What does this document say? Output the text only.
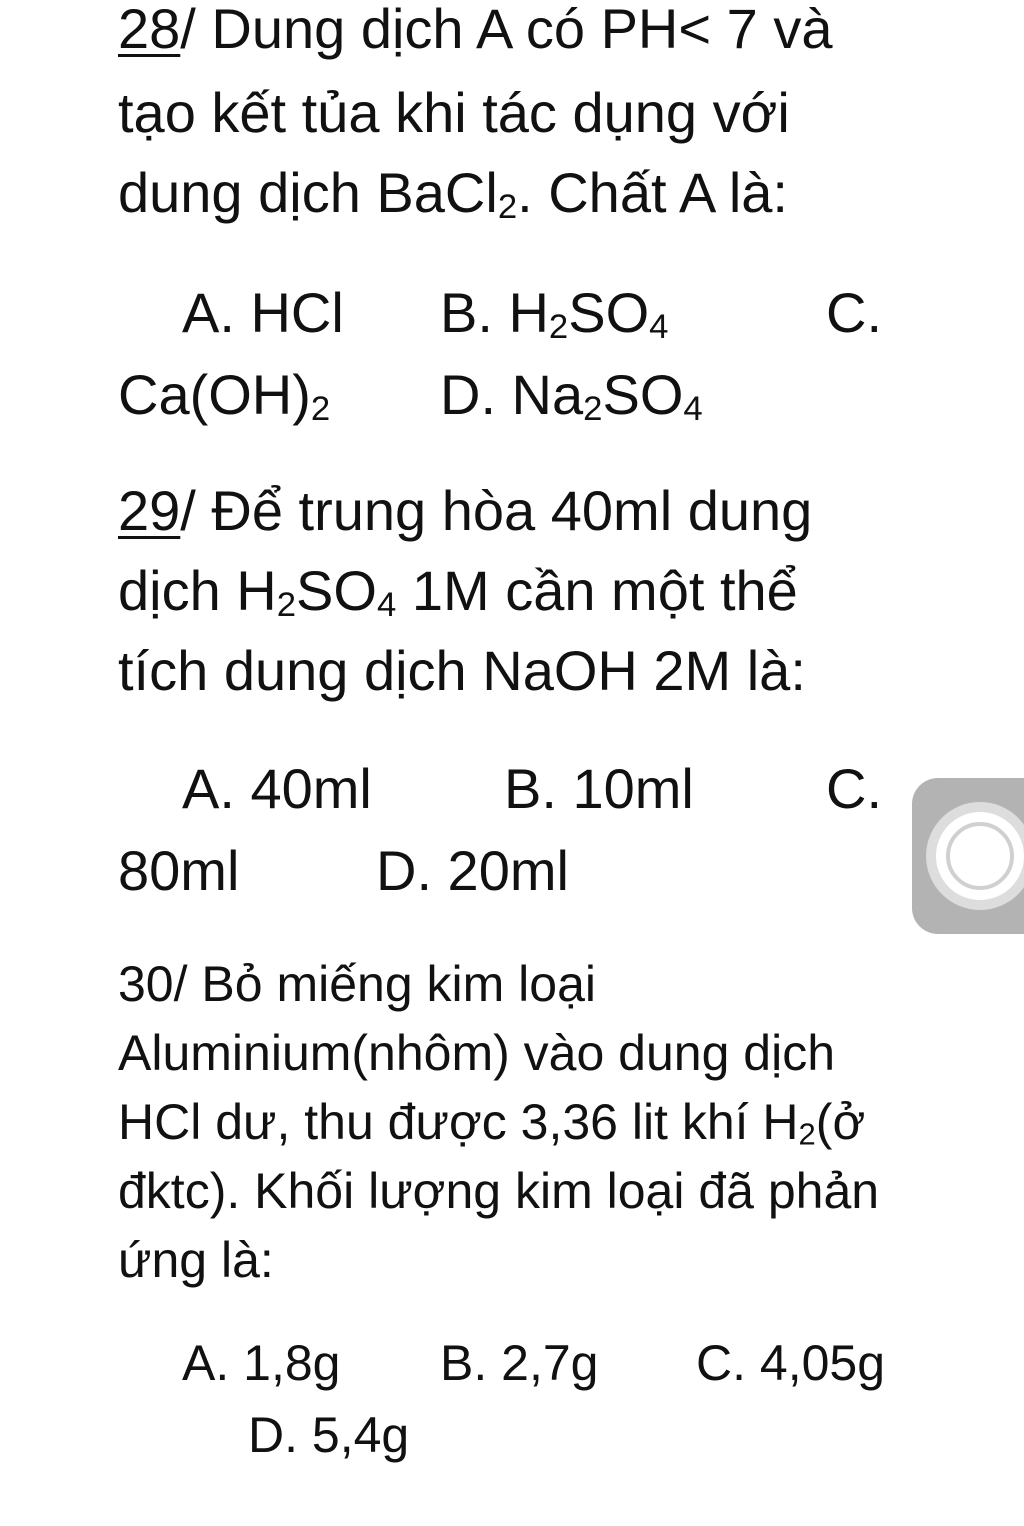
28/ Dung dịch A có PH< 7 và
tạo kết tủa khi tác dụng với
dung dịch BaCl2. Chất A là:
A. HCl B. H2SO4	C.
Ca(OH)2 D. Na2SO4
29/ Để trung hòa 40ml dung
dịch H2SO4 1M cần một thể
tích dung dịch NaOH 2M là:
A. 40ml B. 10ml C.
80ml D. 20ml
30/ Bỏ miếng kim loại
Aluminium(nhôm) vào dung dịch
HCl dư, thu được 3,36 lit khí H2(ở
đktc). Khối lượng kim loại đã phản
ứng là:
A. 1,8g B. 2,7g C. 4,05g
D. 5,4g
